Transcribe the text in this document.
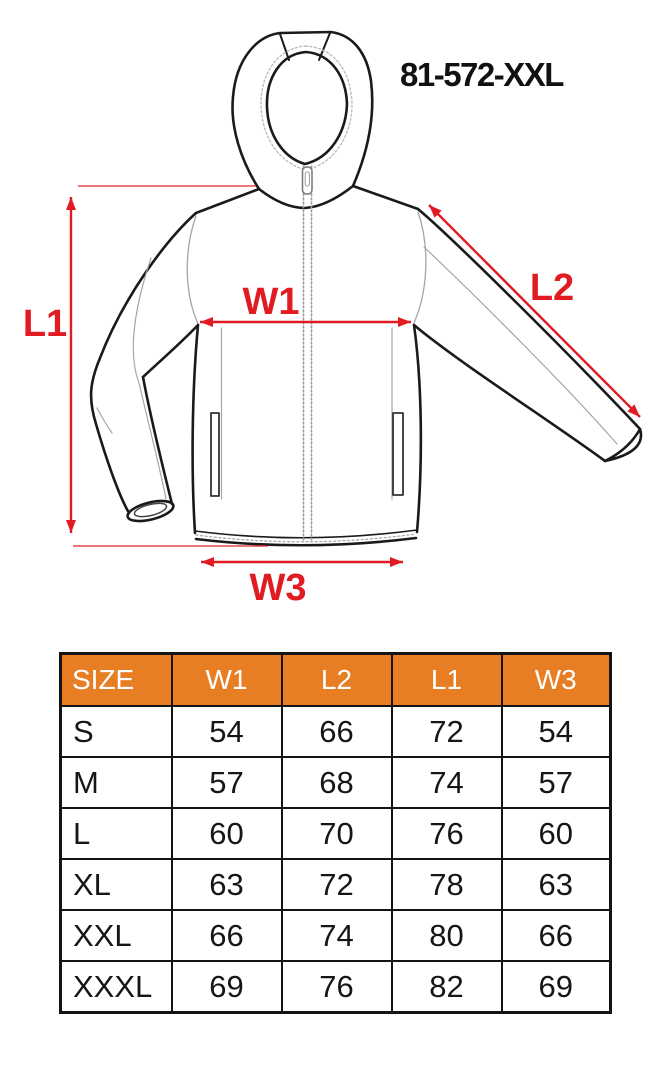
81-572-XXL
L1
W1	L2
W3
SIZE	W1	L2	L1	W3
S	54	66	72	54
M	57	68	74	57
L	60	70	76	60
XL	63	72	78	63
XXL	66	74	80	66
XXXL	69	76	82	69
